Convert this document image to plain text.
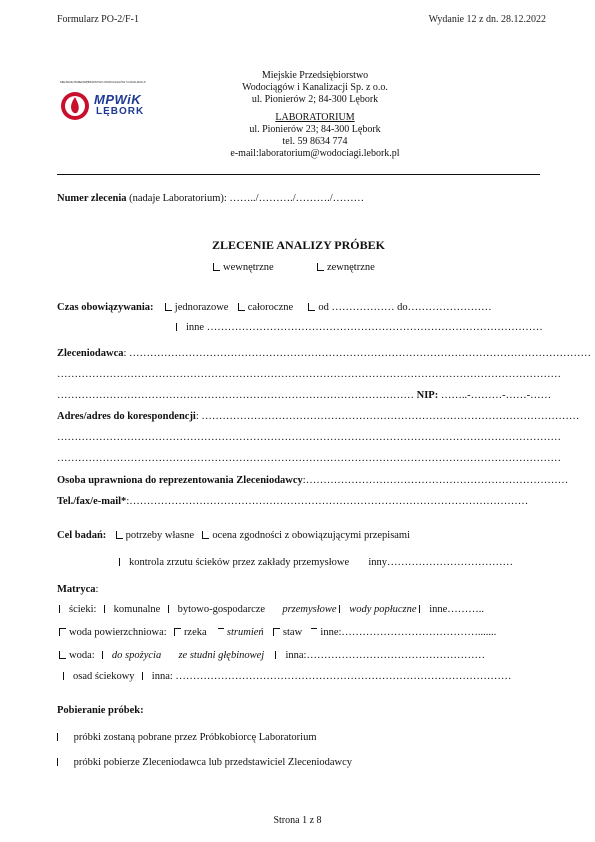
Formularz PO-2/F-1	Wydanie 12 z dn. 28.12.2022
MIEJSKIE PRZEDSIĘBIORSTWO WODOCIĄGÓW I KANALIZACJI
MPWiK
LĘBORK
Miejskie Przedsiębiorstwo
Wodociągów i Kanalizacji Sp. z o.o.
ul. Pionierów 2; 84-300 Lębork
LABORATORIUM
ul. Pionierów 23; 84-300 Lębork
tel. 59 8634 774
e-mail:laboratorium@wodociagi.lebork.pl
Numer zlecenia (nadaje Laboratorium): ……../………./………./………
ZLECENIE ANALIZY PRÓBEK
wewnętrzne	zewnętrzne
Czas obowiązywania: jednorazowe całoroczne od ……………… do……………………
inne ……………………………………………………………………………………
Zleceniodawca: ……………………………………………………………………………………………………………………
………………………………………………………………………………………………………………………………
………………………………………………………………………………………… NIP: ……..-………-……-……
Adres/adres do korespondencji: ………………………………………………………………………………………………
………………………………………………………………………………………………………………………………
………………………………………………………………………………………………………………………………
Osoba uprawniona do reprezentowania Zleceniodawcy:…………………………………………………………………
Tel./fax/e-mail*:……………………………………………………………………………………………………
Cel badań: potrzeby własne ocena zgodności z obowiązującymi przepisami
kontrola zrzutu ścieków przez zakłady przemysłowe inny………………………………
Matryca:
ścieki: komunalne bytowo-gospodarcze przemysłowe wody popłuczne inne………..
woda powierzchniowa: rzeka strumień staw inne:………………………………….......
woda: do spożycia ze studni głębinowej inna:……………………………………………
osad ściekowy inna: ……………………………………………………………………………………
Pobieranie próbek:
próbki zostaną pobrane przez Próbkobiorcę Laboratorium
próbki pobierze Zleceniodawca lub przedstawiciel Zleceniodawcy
Strona 1 z 8
